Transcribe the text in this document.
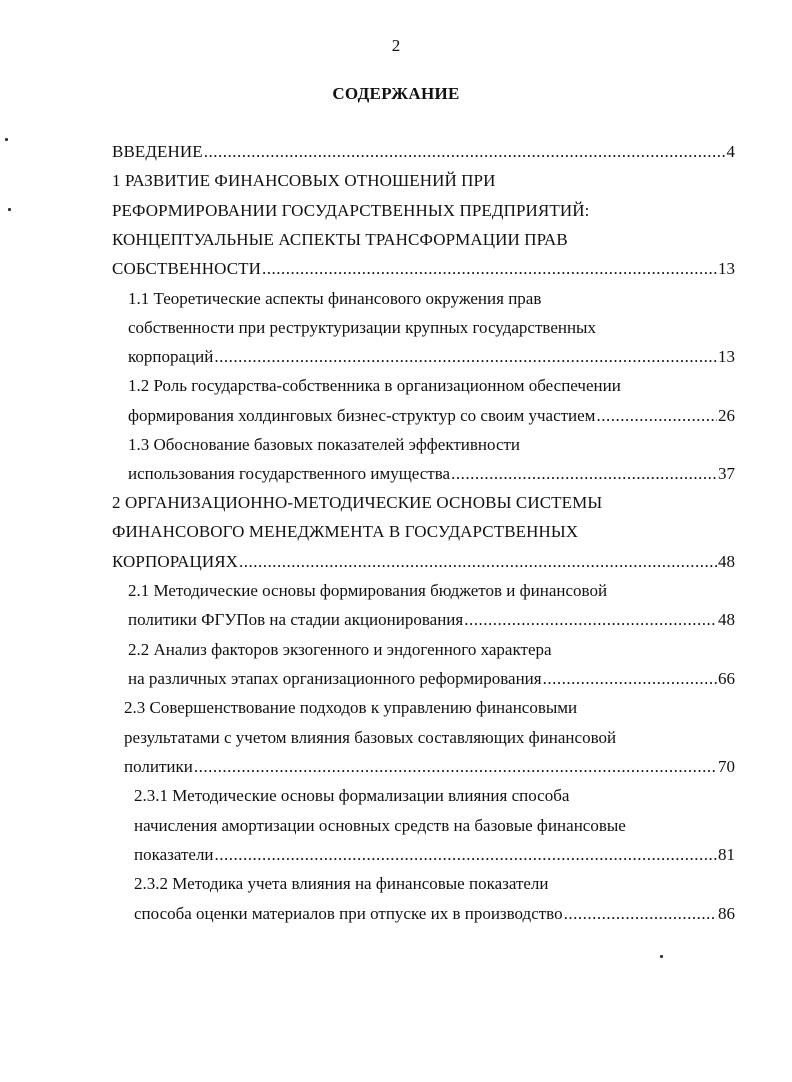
2
СОДЕРЖАНИЕ
ВВЕДЕНИЕ .....	4
1 РАЗВИТИЕ ФИНАНСОВЫХ ОТНОШЕНИЙ ПРИ
РЕФОРМИРОВАНИИ ГОСУДАРСТВЕННЫХ ПРЕДПРИЯТИЙ:
КОНЦЕПТУАЛЬНЫЕ АСПЕКТЫ ТРАНСФОРМАЦИИ ПРАВ
СОБСТВЕННОСТИ .....	13
1.1 Теоретические аспекты финансового окружения прав
собственности при реструктуризации крупных государственных
корпораций .....	13
1.2 Роль государства-собственника в организационном обеспечении
формирования холдинговых бизнес-структур со своим участием .....	26
1.3 Обоснование базовых показателей эффективности
использования государственного имущества .....	37
2 ОРГАНИЗАЦИОННО-МЕТОДИЧЕСКИЕ ОСНОВЫ СИСТЕМЫ
ФИНАНСОВОГО МЕНЕДЖМЕНТА В ГОСУДАРСТВЕННЫХ
КОРПОРАЦИЯХ .....	48
2.1 Методические основы формирования бюджетов и финансовой
политики ФГУПов на стадии акционирования .....	48
2.2 Анализ факторов экзогенного и эндогенного характера
на различных этапах организационного реформирования .....	66
2.3 Совершенствование подходов к управлению финансовыми
результатами с учетом влияния базовых составляющих финансовой
политики .....	70
2.3.1 Методические основы формализации влияния способа
начисления амортизации основных средств на базовые финансовые
показатели .....	81
2.3.2 Методика учета влияния на финансовые показатели
способа оценки материалов при отпуске их в производство .....	86
